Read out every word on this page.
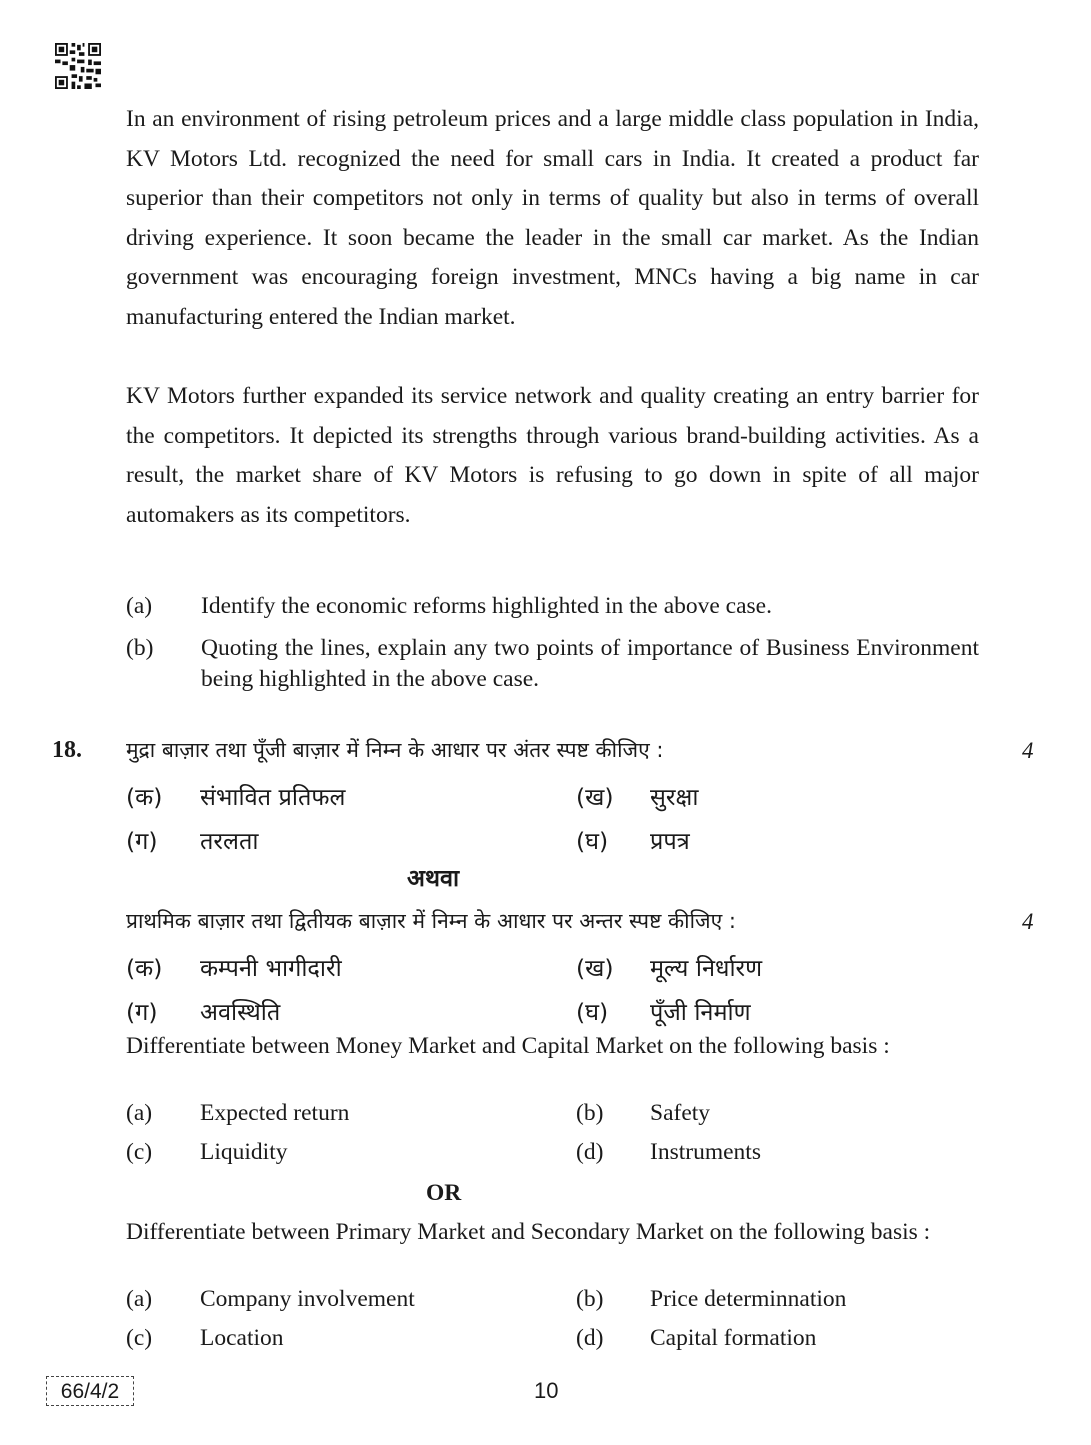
In an environment of rising petroleum prices and a large middle class population in India, KV Motors Ltd. recognized the need for small cars in India. It created a product far superior than their competitors not only in terms of quality but also in terms of overall driving experience. It soon became the leader in the small car market. As the Indian government was encouraging foreign investment, MNCs having a big name in car manufacturing entered the Indian market.

KV Motors further expanded its service network and quality creating an entry barrier for the competitors. It depicted its strengths through various brand-building activities. As a result, the market share of KV Motors is refusing to go down in spite of all major automakers as its competitors.

(a) Identify the economic reforms highlighted in the above case.
(b) Quoting the lines, explain any two points of importance of Business Environment being highlighted in the above case.
18. मुद्रा बाज़ार तथा पूँजी बाज़ार में निम्न के आधार पर अंतर स्पष्ट कीजिए :	4
(क) संभावित प्रतिफल	(ख) सुरक्षा
(ग) तरलता	(घ) प्रपत्र
अथवा
प्राथमिक बाज़ार तथा द्वितीयक बाज़ार में निम्न के आधार पर अन्तर स्पष्ट कीजिए :	4
(क) कम्पनी भागीदारी	(ख) मूल्य निर्धारण
(ग) अवस्थिति	(घ) पूँजी निर्माण
Differentiate between Money Market and Capital Market on the following basis :
(a) Expected return	(b) Safety
(c) Liquidity	(d) Instruments
OR
Differentiate between Primary Market and Secondary Market on the following basis :
(a) Company involvement	(b) Price determinnation
(c) Location	(d) Capital formation
66/4/2	10
